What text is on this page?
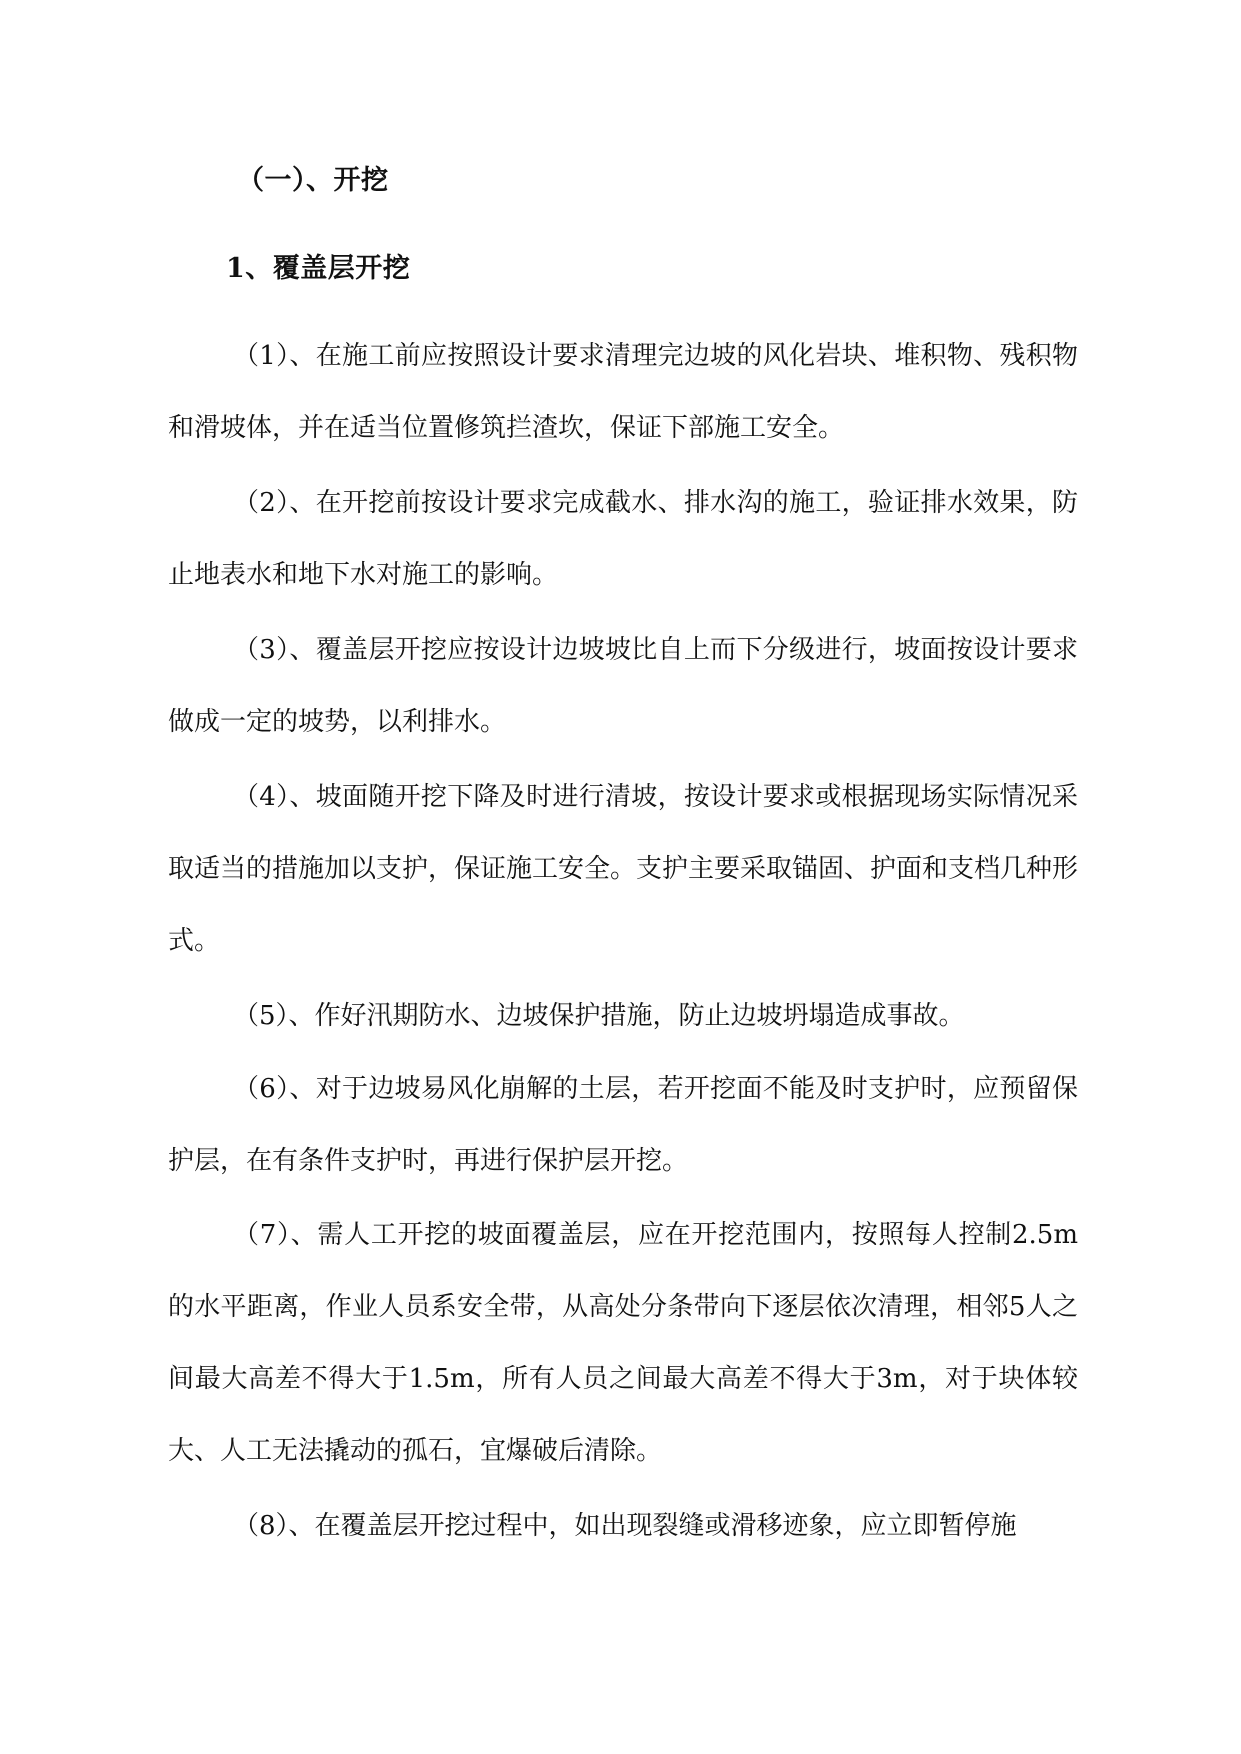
（一）、开挖
1、覆盖层开挖

（1）、在施工前应按照设计要求清理完边坡的风化岩块、堆积物、残积物和滑坡体，并在适当位置修筑拦渣坎，保证下部施工安全。

（2）、在开挖前按设计要求完成截水、排水沟的施工，验证排水效果，防止地表水和地下水对施工的影响。

（3）、覆盖层开挖应按设计边坡坡比自上而下分级进行，坡面按设计要求做成一定的坡势，以利排水。

（4）、坡面随开挖下降及时进行清坡，按设计要求或根据现场实际情况采取适当的措施加以支护，保证施工安全。支护主要采取锚固、护面和支档几种形式。

（5）、作好汛期防水、边坡保护措施，防止边坡坍塌造成事故。

（6）、对于边坡易风化崩解的土层，若开挖面不能及时支护时，应预留保护层，在有条件支护时，再进行保护层开挖。

（7）、需人工开挖的坡面覆盖层，应在开挖范围内，按照每人控制2.5m的水平距离，作业人员系安全带，从高处分条带向下逐层依次清理，相邻5人之间最大高差不得大于1.5m，所有人员之间最大高差不得大于3m，对于块体较大、人工无法撬动的孤石，宜爆破后清除。

（8）、在覆盖层开挖过程中，如出现裂缝或滑移迹象，应立即暂停施
